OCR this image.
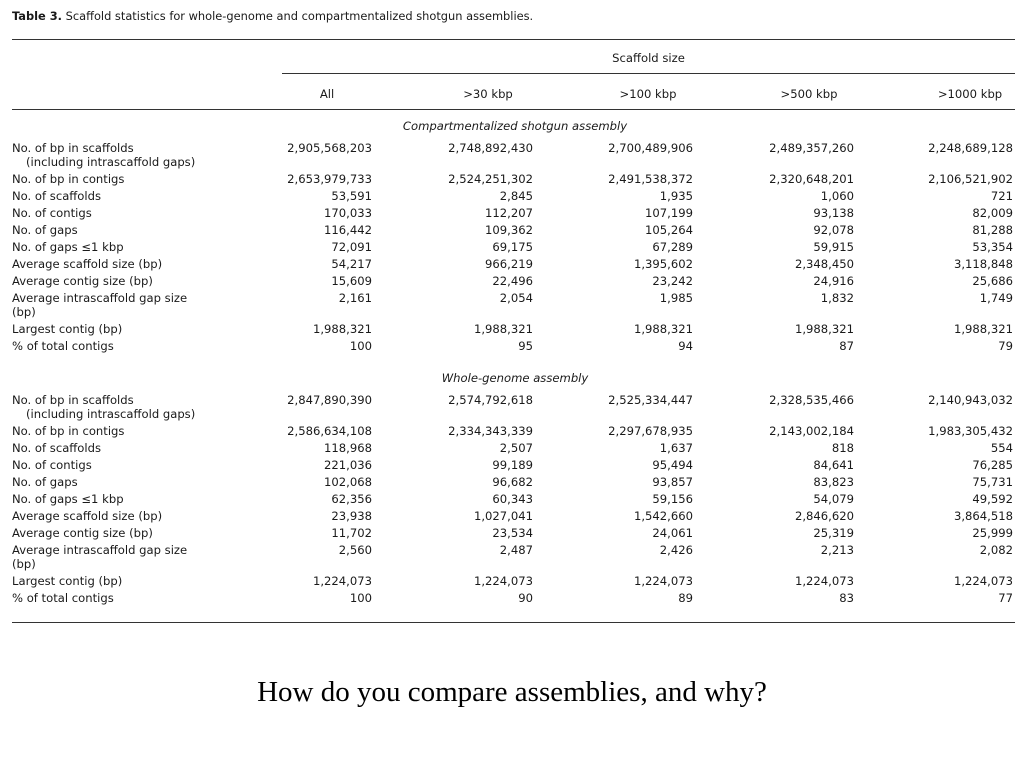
Table 3. Scaffold statistics for whole-genome and compartmentalized shotgun assemblies.
Scaffold size
All	>30 kbp	>100 kbp	>500 kbp	>1000 kbp
Compartmentalized shotgun assembly
No. of bp in scaffolds
(including intrascaffold gaps)
2,905,568,203	2,748,892,430	2,700,489,906	2,489,357,260	2,248,689,128
No. of bp in contigs	2,653,979,733	2,524,251,302	2,491,538,372	2,320,648,201	2,106,521,902
No. of scaffolds	53,591	2,845	1,935	1,060	721
No. of contigs	170,033	112,207	107,199	93,138	82,009
No. of gaps	116,442	109,362	105,264	92,078	81,288
No. of gaps ≤1 kbp	72,091	69,175	67,289	59,915	53,354
Average scaffold size (bp)	54,217	966,219	1,395,602	2,348,450	3,118,848
Average contig size (bp)	15,609	22,496	23,242	24,916	25,686
Average intrascaffold gap size
(bp)
2,161	2,054	1,985	1,832	1,749
Largest contig (bp)	1,988,321	1,988,321	1,988,321	1,988,321	1,988,321
% of total contigs	100	95	94	87	79
Whole-genome assembly
No. of bp in scaffolds
(including intrascaffold gaps)
2,847,890,390	2,574,792,618	2,525,334,447	2,328,535,466	2,140,943,032
No. of bp in contigs	2,586,634,108	2,334,343,339	2,297,678,935	2,143,002,184	1,983,305,432
No. of scaffolds	118,968	2,507	1,637	818	554
No. of contigs	221,036	99,189	95,494	84,641	76,285
No. of gaps	102,068	96,682	93,857	83,823	75,731
No. of gaps ≤1 kbp	62,356	60,343	59,156	54,079	49,592
Average scaffold size (bp)	23,938	1,027,041	1,542,660	2,846,620	3,864,518
Average contig size (bp)	11,702	23,534	24,061	25,319	25,999
Average intrascaffold gap size
(bp)
2,560	2,487	2,426	2,213	2,082
Largest contig (bp)	1,224,073	1,224,073	1,224,073	1,224,073	1,224,073
% of total contigs	100	90	89	83	77
How do you compare assemblies, and why?
